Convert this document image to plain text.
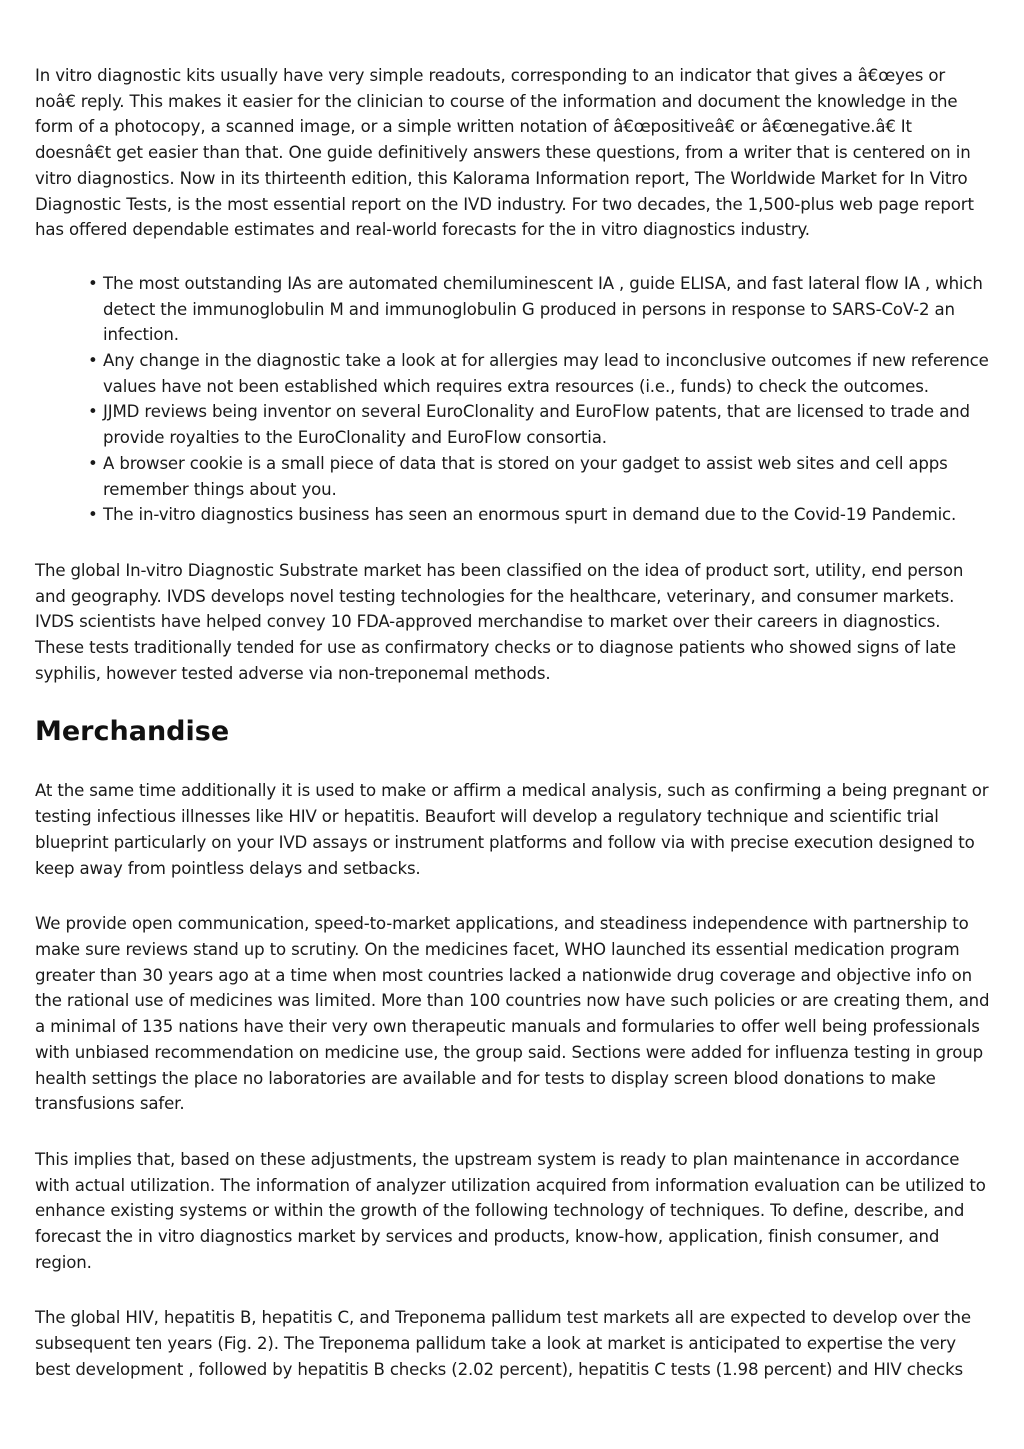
In vitro diagnostic kits usually have very simple readouts, corresponding to an indicator that gives a â€œyes or noâ€ reply. This makes it easier for the clinician to course of the information and document the knowledge in the form of a photocopy, a scanned image, or a simple written notation of â€œpositiveâ€ or â€œnegative.â€ It doesnâ€t get easier than that. One guide definitively answers these questions, from a writer that is centered on in vitro diagnostics. Now in its thirteenth edition, this Kalorama Information report, The Worldwide Market for In Vitro Diagnostic Tests, is the most essential report on the IVD industry. For two decades, the 1,500-plus web page report has offered dependable estimates and real-world forecasts for the in vitro diagnostics industry.

• The most outstanding IAs are automated chemiluminescent IA , guide ELISA, and fast lateral flow IA , which detect the immunoglobulin M and immunoglobulin G produced in persons in response to SARS-CoV-2 an infection.
• Any change in the diagnostic take a look at for allergies may lead to inconclusive outcomes if new reference values have not been established which requires extra resources (i.e., funds) to check the outcomes.
• JJMD reviews being inventor on several EuroClonality and EuroFlow patents, that are licensed to trade and provide royalties to the EuroClonality and EuroFlow consortia.
• A browser cookie is a small piece of data that is stored on your gadget to assist web sites and cell apps remember things about you.
• The in-vitro diagnostics business has seen an enormous spurt in demand due to the Covid-19 Pandemic.

The global In-vitro Diagnostic Substrate market has been classified on the idea of product sort, utility, end person and geography. IVDS develops novel testing technologies for the healthcare, veterinary, and consumer markets. IVDS scientists have helped convey 10 FDA-approved merchandise to market over their careers in diagnostics. These tests traditionally tended for use as confirmatory checks or to diagnose patients who showed signs of late syphilis, however tested adverse via non-treponemal methods.

Merchandise

At the same time additionally it is used to make or affirm a medical analysis, such as confirming a being pregnant or testing infectious illnesses like HIV or hepatitis. Beaufort will develop a regulatory technique and scientific trial blueprint particularly on your IVD assays or instrument platforms and follow via with precise execution designed to keep away from pointless delays and setbacks.

We provide open communication, speed-to-market applications, and steadiness independence with partnership to make sure reviews stand up to scrutiny. On the medicines facet, WHO launched its essential medication program greater than 30 years ago at a time when most countries lacked a nationwide drug coverage and objective info on the rational use of medicines was limited. More than 100 countries now have such policies or are creating them, and a minimal of 135 nations have their very own therapeutic manuals and formularies to offer well being professionals with unbiased recommendation on medicine use, the group said. Sections were added for influenza testing in group health settings the place no laboratories are available and for tests to display screen blood donations to make transfusions safer.

This implies that, based on these adjustments, the upstream system is ready to plan maintenance in accordance with actual utilization. The information of analyzer utilization acquired from information evaluation can be utilized to enhance existing systems or within the growth of the following technology of techniques. To define, describe, and forecast the in vitro diagnostics market by services and products, know-how, application, finish consumer, and region.

The global HIV, hepatitis B, hepatitis C, and Treponema pallidum test markets all are expected to develop over the subsequent ten years (Fig. 2). The Treponema pallidum take a look at market is anticipated to expertise the very best development , followed by hepatitis B checks (2.02 percent), hepatitis C tests (1.98 percent) and HIV checks
